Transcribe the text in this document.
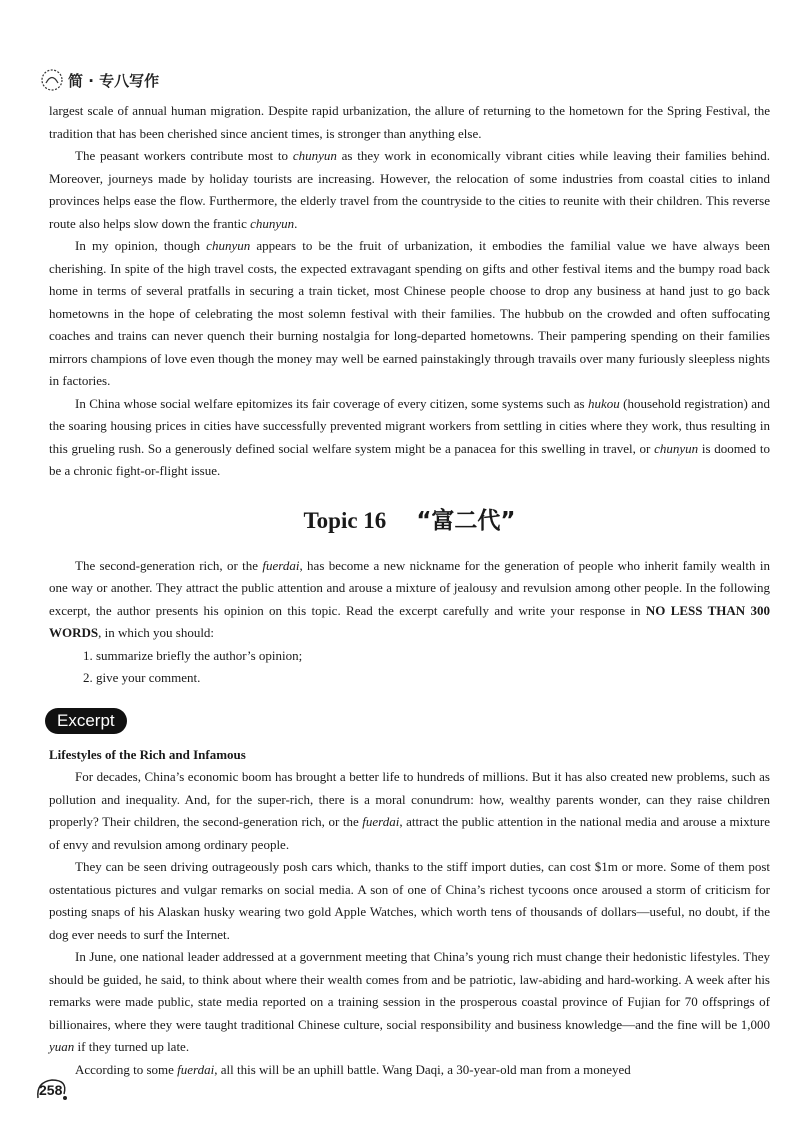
简 · 专八写作

largest scale of annual human migration. Despite rapid urbanization, the allure of returning to the hometown for the Spring Festival, the tradition that has been cherished since ancient times, is stronger than anything else.

The peasant workers contribute most to chunyun as they work in economically vibrant cities while leaving their families behind. Moreover, journeys made by holiday tourists are increasing. However, the relocation of some industries from coastal cities to inland provinces helps ease the flow. Furthermore, the elderly travel from the countryside to the cities to reunite with their children. This reverse route also helps slow down the frantic chunyun.

In my opinion, though chunyun appears to be the fruit of urbanization, it embodies the familial value we have always been cherishing. In spite of the high travel costs, the expected extravagant spending on gifts and other festival items and the bumpy road back home in terms of several pratfalls in securing a train ticket, most Chinese people choose to drop any business at hand just to go back hometowns in the hope of celebrating the most solemn festival with their families. The hubbub on the crowded and often suffocating coaches and trains can never quench their burning nostalgia for long-departed hometowns. Their pampering spending on their families mirrors champions of love even though the money may well be earned painstakingly through travails over many furiously sleepless nights in factories.

In China whose social welfare epitomizes its fair coverage of every citizen, some systems such as hukou (household registration) and the soaring housing prices in cities have successfully prevented migrant workers from settling in cities where they work, thus resulting in this grueling rush. So a generously defined social welfare system might be a panacea for this swelling in travel, or chunyun is doomed to be a chronic fight-or-flight issue.

Topic 16 “富二代”

The second-generation rich, or the fuerdai, has become a new nickname for the generation of people who inherit family wealth in one way or another. They attract the public attention and arouse a mixture of jealousy and revulsion among other people. In the following excerpt, the author presents his opinion on this topic. Read the excerpt carefully and write your response in NO LESS THAN 300 WORDS, in which you should:

1. summarize briefly the author’s opinion;

2. give your comment.

Excerpt

Lifestyles of the Rich and Infamous

For decades, China’s economic boom has brought a better life to hundreds of millions. But it has also created new problems, such as pollution and inequality. And, for the super-rich, there is a moral conundrum: how, wealthy parents wonder, can they raise children properly? Their children, the second-generation rich, or the fuerdai, attract the public attention in the national media and arouse a mixture of envy and revulsion among ordinary people.

They can be seen driving outrageously posh cars which, thanks to the stiff import duties, can cost $1m or more. Some of them post ostentatious pictures and vulgar remarks on social media. A son of one of China’s richest tycoons once aroused a storm of criticism for posting snaps of his Alaskan husky wearing two gold Apple Watches, which worth tens of thousands of dollars—useful, no doubt, if the dog ever needs to surf the Internet.

In June, one national leader addressed at a government meeting that China’s young rich must change their hedonistic lifestyles. They should be guided, he said, to think about where their wealth comes from and be patriotic, law-abiding and hard-working. A week after his remarks were made public, state media reported on a training session in the prosperous coastal province of Fujian for 70 offsprings of billionaires, where they were taught traditional Chinese culture, social responsibility and business knowledge—and the fine will be 1,000 yuan if they turned up late.

According to some fuerdai, all this will be an uphill battle. Wang Daqi, a 30-year-old man from a moneyed

258
